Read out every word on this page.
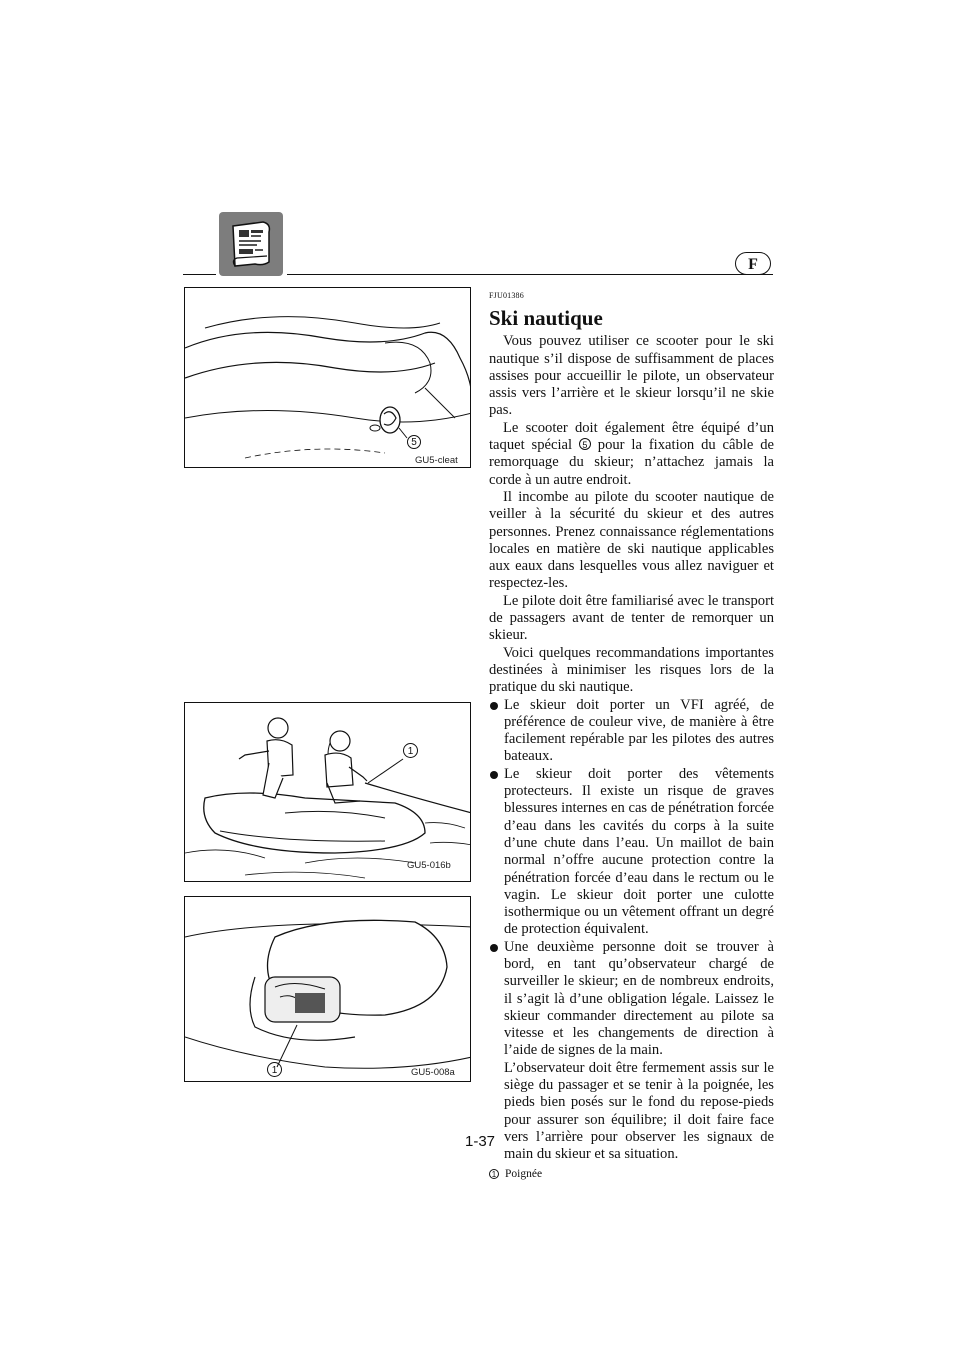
F
5
GU5-cleat
1
GU5-016b
1	GU5-008a
FJU01386
Ski nautique

Vous pouvez utiliser ce scooter pour le ski nautique s’il dispose de suffisamment de places assises pour accueillir le pilote, un observateur assis vers l’arrière et le skieur lorsqu’il ne skie pas.

Le scooter doit également être équipé d’un taquet spécial 5 pour la fixation du câble de remorquage du skieur; n’attachez jamais la corde à un autre endroit.

Il incombe au pilote du scooter nautique de veiller à la sécurité du skieur et des autres personnes. Prenez connaissance réglementations locales en matière de ski nautique applicables aux eaux dans lesquelles vous allez naviguer et respectez-les.

Le pilote doit être familiarisé avec le transport de passagers avant de tenter de remorquer un skieur.

Voici quelques recommandations importantes destinées à minimiser les risques lors de la pratique du ski nautique.

Le skieur doit porter un VFI agréé, de préférence de couleur vive, de manière à être facilement repérable par les pilotes des autres bateaux.
Le skieur doit porter des vêtements protecteurs. Il existe un risque de graves blessures internes en cas de pénétration forcée d’eau dans les cavités du corps à la suite d’une chute dans l’eau. Un maillot de bain normal n’offre aucune protection contre la pénétration forcée d’eau dans le rectum ou le vagin. Le skieur doit porter une culotte isothermique ou un vêtement offrant un degré de protection équivalent.

Une deuxième personne doit se trouver à bord, en tant qu’observateur chargé de surveiller le skieur; en de nombreux endroits, il s’agit là d’une obligation légale. Laissez le skieur commander directement au pilote sa vitesse et les changements de direction à l’aide de signes de la main.

L’observateur doit être fermement assis sur le siège du passager et se tenir à la poignée, les pieds bien posés sur le fond du repose-pieds pour assurer son équilibre; il doit faire face vers l’arrière pour observer les signaux de main du skieur et sa situation.

1 Poignée
1-37
